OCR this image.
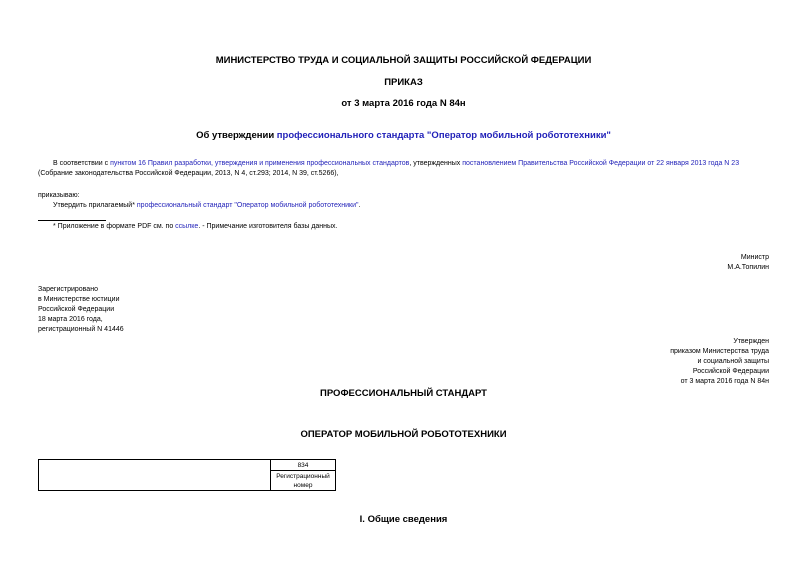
МИНИСТЕРСТВО ТРУДА И СОЦИАЛЬНОЙ ЗАЩИТЫ РОССИЙСКОЙ ФЕДЕРАЦИИ
ПРИКАЗ
от 3 марта 2016 года N 84н
Об утверждении профессионального стандарта "Оператор мобильной робототехники"
В соответствии с пунктом 16 Правил разработки, утверждения и применения профессиональных стандартов, утвержденных постановлением Правительства Российской Федерации от 22 января 2013 года N 23
(Собрание законодательства Российской Федерации, 2013, N 4, ст.293; 2014, N 39, ст.5266),
приказываю:
Утвердить прилагаемый* профессиональный стандарт "Оператор мобильной робототехники".
* Приложение в формате PDF см. по ссылке. - Примечание изготовителя базы данных.
Министр
М.А.Топилин
Зарегистрировано
в Министерстве юстиции
Российской Федерации
18 марта 2016 года,
регистрационный N 41446
Утвержден
приказом Министерства труда
и социальной защиты
Российской Федерации
от 3 марта 2016 года N 84н
ПРОФЕССИОНАЛЬНЫЙ СТАНДАРТ
ОПЕРАТОР МОБИЛЬНОЙ РОБОТОТЕХНИКИ
	834

Регистрационный
номер
I. Общие сведения
